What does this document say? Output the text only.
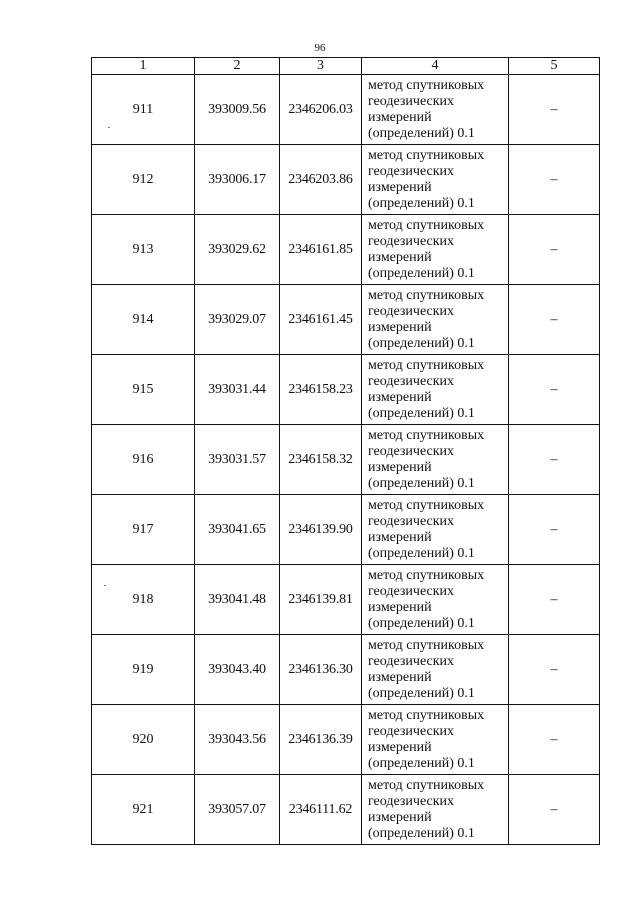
96
1	2	3	4	5
911	393009.56	2346206.03	метод спутниковых
геодезических
измерений
(определений) 0.1	–
912	393006.17	2346203.86	метод спутниковых
геодезических
измерений
(определений) 0.1	–
913	393029.62	2346161.85	метод спутниковых
геодезических
измерений
(определений) 0.1	–
914	393029.07	2346161.45	метод спутниковых
геодезических
измерений
(определений) 0.1	–
915	393031.44	2346158.23	метод спутниковых
геодезических
измерений
(определений) 0.1	–
916	393031.57	2346158.32	метод спутниковых
геодезических
измерений
(определений) 0.1	–
917	393041.65	2346139.90	метод спутниковых
геодезических
измерений
(определений) 0.1	–
918	393041.48	2346139.81	метод спутниковых
геодезических
измерений
(определений) 0.1	–
919	393043.40	2346136.30	метод спутниковых
геодезических
измерений
(определений) 0.1	–
920	393043.56	2346136.39	метод спутниковых
геодезических
измерений
(определений) 0.1	–
921	393057.07	2346111.62	метод спутниковых
геодезических
измерений
(определений) 0.1	–
